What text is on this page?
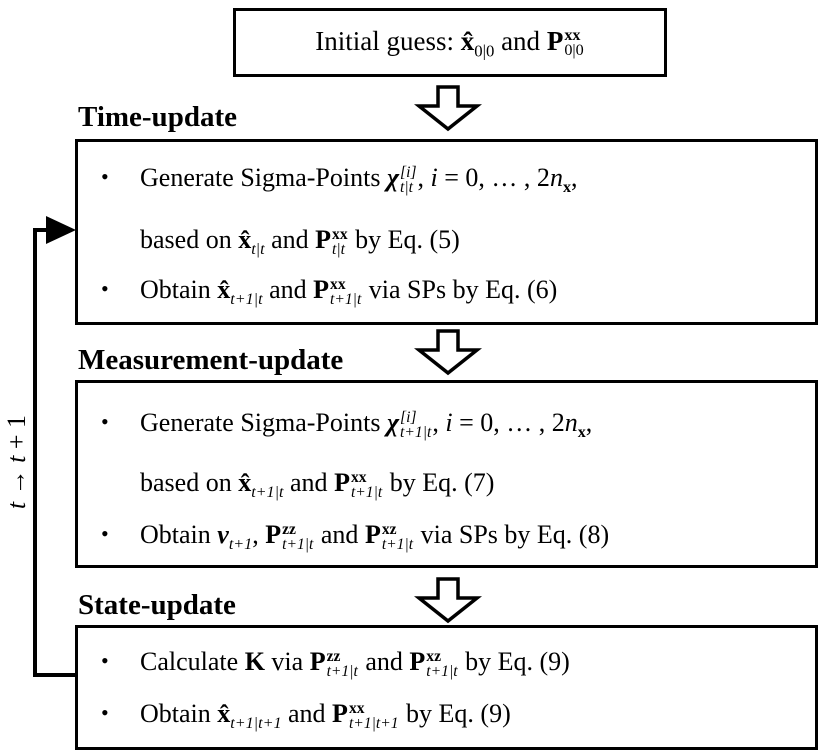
Initial guess: $x̂_{0|0}$ and P xx
0|0
Time-update
Measurement-update
State-update
• Generate Sigma-Points χ [i]
t|t , i = 0, … , $2n_x$,
based on $x̂_{t|t}$ and P xx
t|t by Eq. (5)
• Obtain $x̂_{t+1|t}$ and P xx
t+1|t via SPs by Eq. (6)
• Generate Sigma-Points χ [i]
t+1|t , i = 0, … , $2n_x$,
based on $x̂_{t+1|t}$ and P xx
t+1|t by Eq. (7)
• Obtain $v_{t+1}$, P zz
t+1|t and P xz
t+1|t via SPs by Eq. (8)
• Calculate K via P zz
t+1|t and P xz
t+1|t by Eq. (9)
• Obtain $x̂_{t+1|t+1}$ and P xx
t+1|t+1 by Eq. (9)
t → t + 1
